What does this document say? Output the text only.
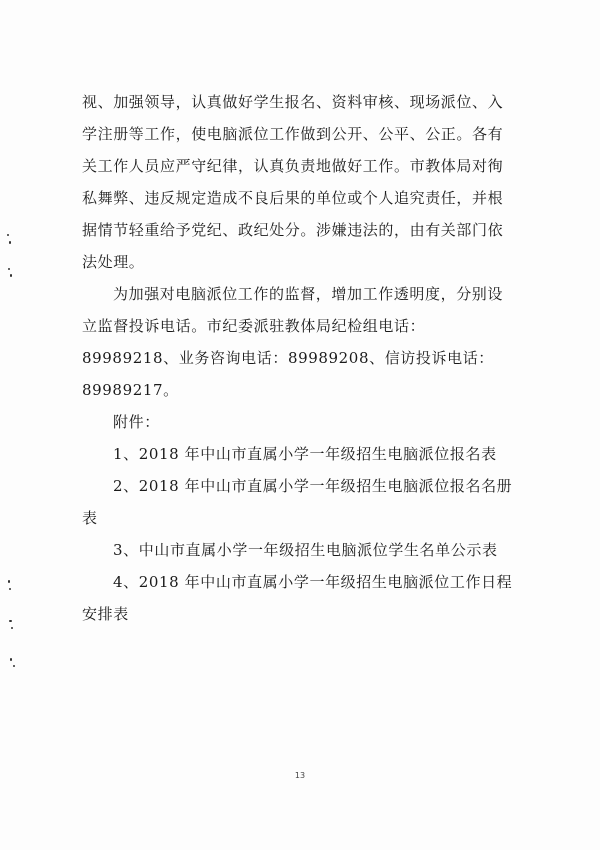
视、加强领导，认真做好学生报名、资料审核、现场派位、入学注册等工作，使电脑派位工作做到公开、公平、公正。各有关工作人员应严守纪律，认真负责地做好工作。市教体局对徇私舞弊、违反规定造成不良后果的单位或个人追究责任，并根据情节轻重给予党纪、政纪处分。涉嫌违法的，由有关部门依法处理。

为加强对电脑派位工作的监督，增加工作透明度，分别设立监督投诉电话。市纪委派驻教体局纪检组电话：89989218、业务咨询电话：89989208、信访投诉电话：89989217。

附件：

1、2018 年中山市直属小学一年级招生电脑派位报名表

2、2018 年中山市直属小学一年级招生电脑派位报名名册表

3、中山市直属小学一年级招生电脑派位学生名单公示表

4、2018 年中山市直属小学一年级招生电脑派位工作日程安排表

13
